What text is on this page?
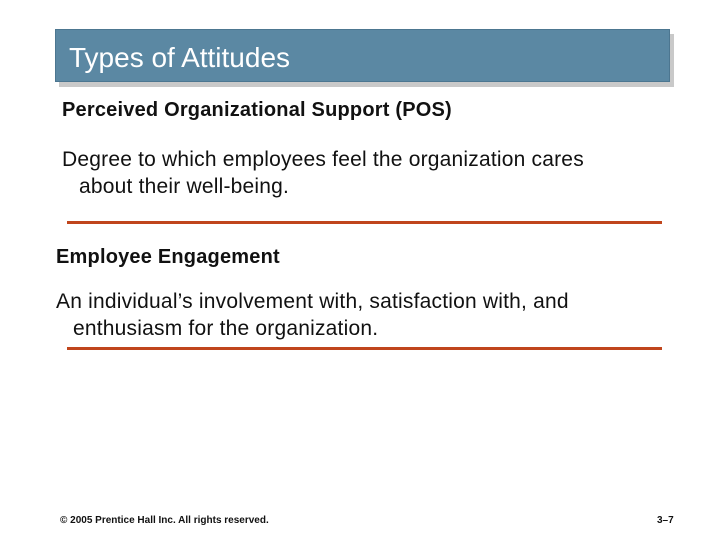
Types of Attitudes
Perceived Organizational Support (POS)
Degree to which employees feel the organization cares
about their well-being.
Employee Engagement
An individual’s involvement with, satisfaction with, and
enthusiasm for the organization.
© 2005 Prentice Hall Inc. All rights reserved.	3–7
